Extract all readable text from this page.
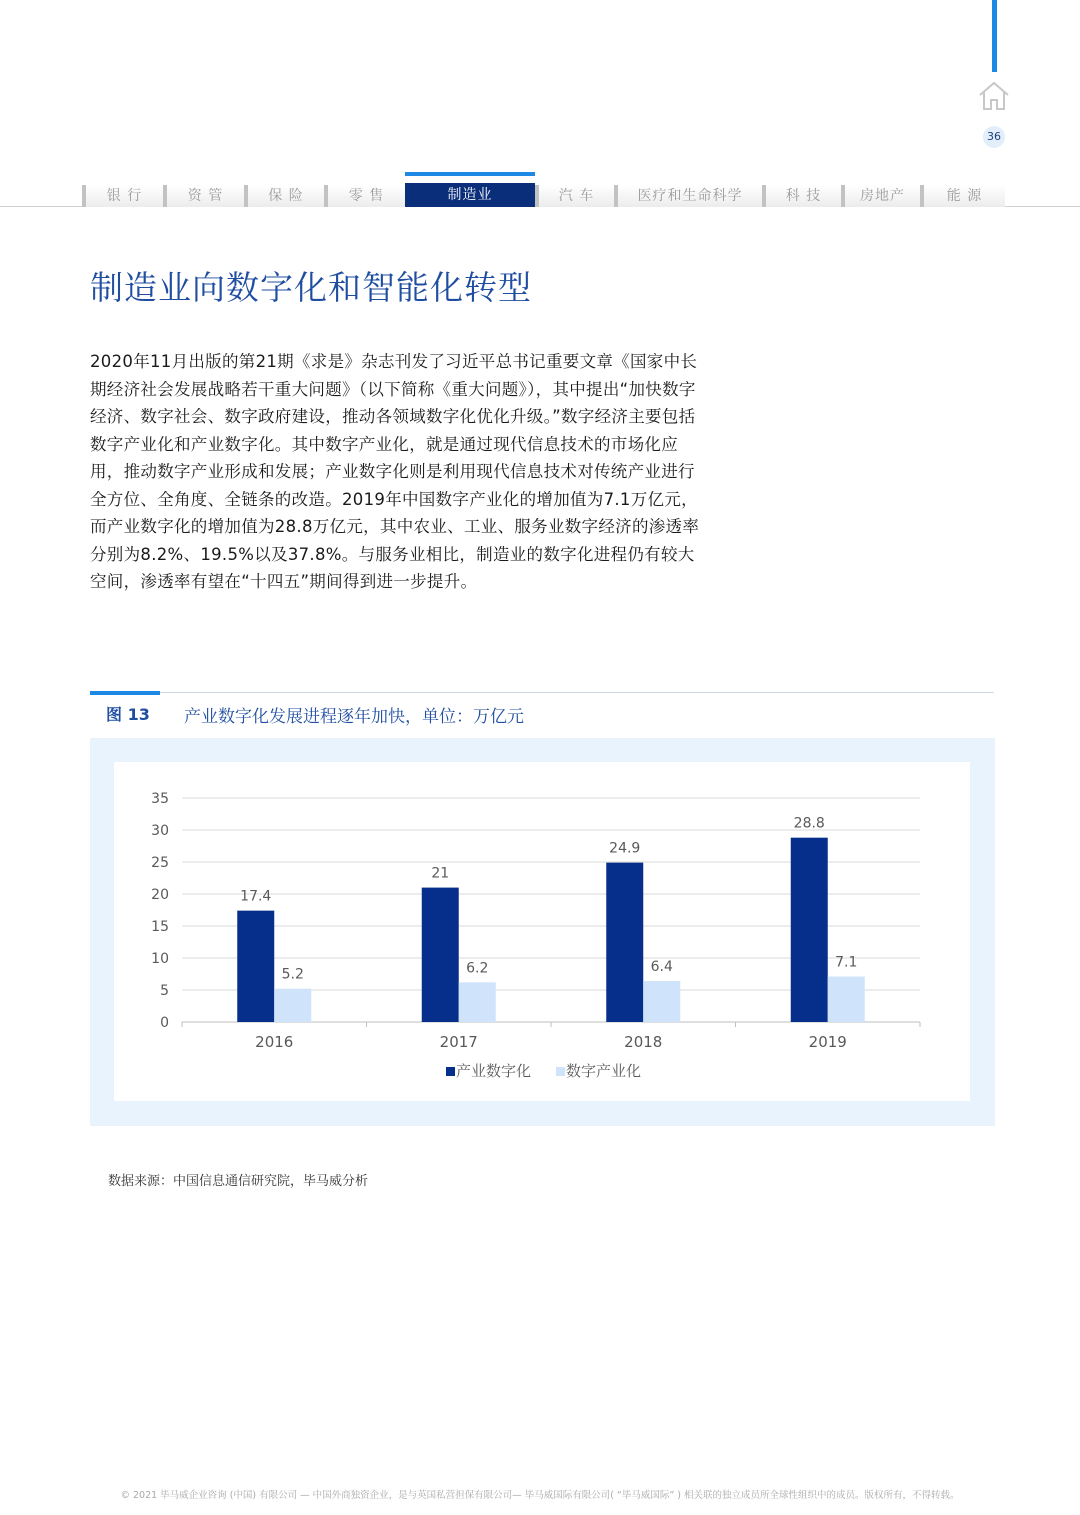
36
银 行	资 管	保 险	零 售	制造业	汽 车	医疗和生命科学	科 技	房地产	能 源
制造业向数字化和智能化转型

2020年11月出版的第21期《求是》杂志刊发了习近平总书记重要文章《国家中长期经济社会发展战略若干重大问题》（以下简称《重大问题》），其中提出“加快数字经济、数字社会、数字政府建设，推动各领域数字化优化升级。”数字经济主要包括数字产业化和产业数字化。其中数字产业化，就是通过现代信息技术的市场化应用，推动数字产业形成和发展；产业数字化则是利用现代信息技术对传统产业进行全方位、全角度、全链条的改造。2019年中国数字产业化的增加值为7.1万亿元，而产业数字化的增加值为28.8万亿元，其中农业、工业、服务业数字经济的渗透率分别为8.2%、19.5%以及37.8%。与服务业相比，制造业的数字化进程仍有较大空间，渗透率有望在“十四五”期间得到进一步提升。

图 13 产业数字化发展进程逐年加快，单位：万亿元
0
5
10
15
20
25
30
35
17.4
5.2
2016
21
6.2
2017
24.9
6.4
2018
28.8
7.1
2019
产业数字化 数字产业化
数据来源：中国信息通信研究院，毕马威分析
© 2021 毕马威企业咨询 (中国) 有限公司 — 中国外商独资企业，是与英国私营担保有限公司— 毕马威国际有限公司( “毕马威国际” ) 相关联的独立成员所全球性组织中的成员。版权所有，不得转载。
